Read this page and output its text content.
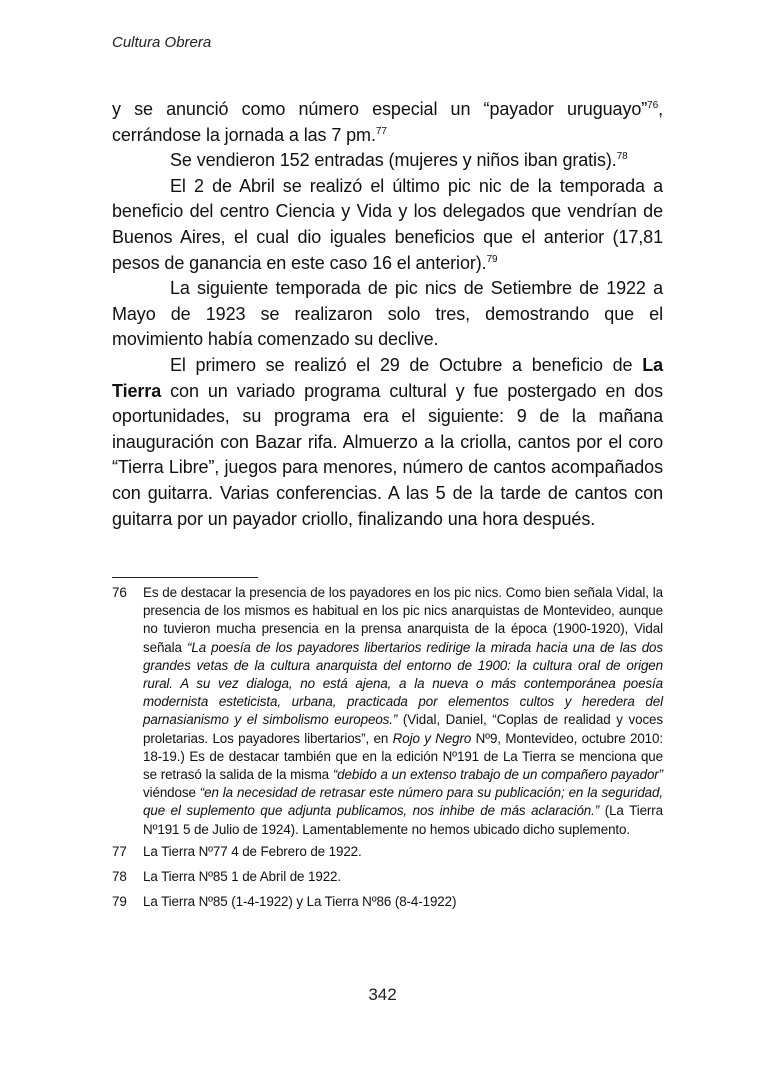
Cultura Obrera

y se anunció como número especial un “payador uruguayo”$^{76}$, cerrándose la jornada a las 7 pm.$^{77}$

Se vendieron 152 entradas (mujeres y niños iban gratis).$^{78}$

El 2 de Abril se realizó el último pic nic de la temporada a beneficio del centro Ciencia y Vida y los delegados que vendrían de Buenos Aires, el cual dio iguales beneficios que el anterior (17,81 pesos de ganancia en este caso 16 el anterior).$^{79}$

La siguiente temporada de pic nics de Setiembre de 1922 a Mayo de 1923 se realizaron solo tres, demostrando que el movimiento había comenzado su declive.

El primero se realizó el 29 de Octubre a beneficio de La Tierra con un variado programa cultural y fue postergado en dos oportunidades, su programa era el siguiente: 9 de la mañana inauguración con Bazar rifa. Almuerzo a la criolla, cantos por el coro “Tierra Libre”, juegos para menores, número de cantos acompañados con guitarra. Varias conferencias. A las 5 de la tarde de cantos con guitarra por un payador criollo, finalizando una hora después.

76	Es de destacar la presencia de los payadores en los pic nics. Como bien señala Vidal, la presencia de los mismos es habitual en los pic nics anarquistas de Montevideo, aunque no tuvieron mucha presencia en la prensa anarquista de la época (1900-1920), Vidal señala “La poesía de los payadores libertarios redirige la mirada hacia una de las dos grandes vetas de la cultura anarquista del entorno de 1900: la cultura oral de origen rural. A su vez dialoga, no está ajena, a la nueva o más contemporánea poesía modernista esteticista, urbana, practicada por elementos cultos y heredera del parnasianismo y el simbolismo europeos.” (Vidal, Daniel, “Coplas de realidad y voces proletarias. Los payadores libertarios”, en Rojo y Negro Nº9, Montevideo, octubre 2010: 18-19.) Es de destacar también que en la edición Nº191 de La Tierra se menciona que se retrasó la salida de la misma “debido a un extenso trabajo de un compañero payador” viéndose “en la necesidad de retrasar este número para su publicación; en la seguridad, que el suplemento que adjunta publicamos, nos inhibe de más aclaración.” (La Tierra Nº191 5 de Julio de 1924). Lamentablemente no hemos ubicado dicho suplemento.
77	La Tierra Nº77 4 de Febrero de 1922.
78	La Tierra Nº85 1 de Abril de 1922.
79	La Tierra Nº85 (1-4-1922) y La Tierra Nº86 (8-4-1922)
342
